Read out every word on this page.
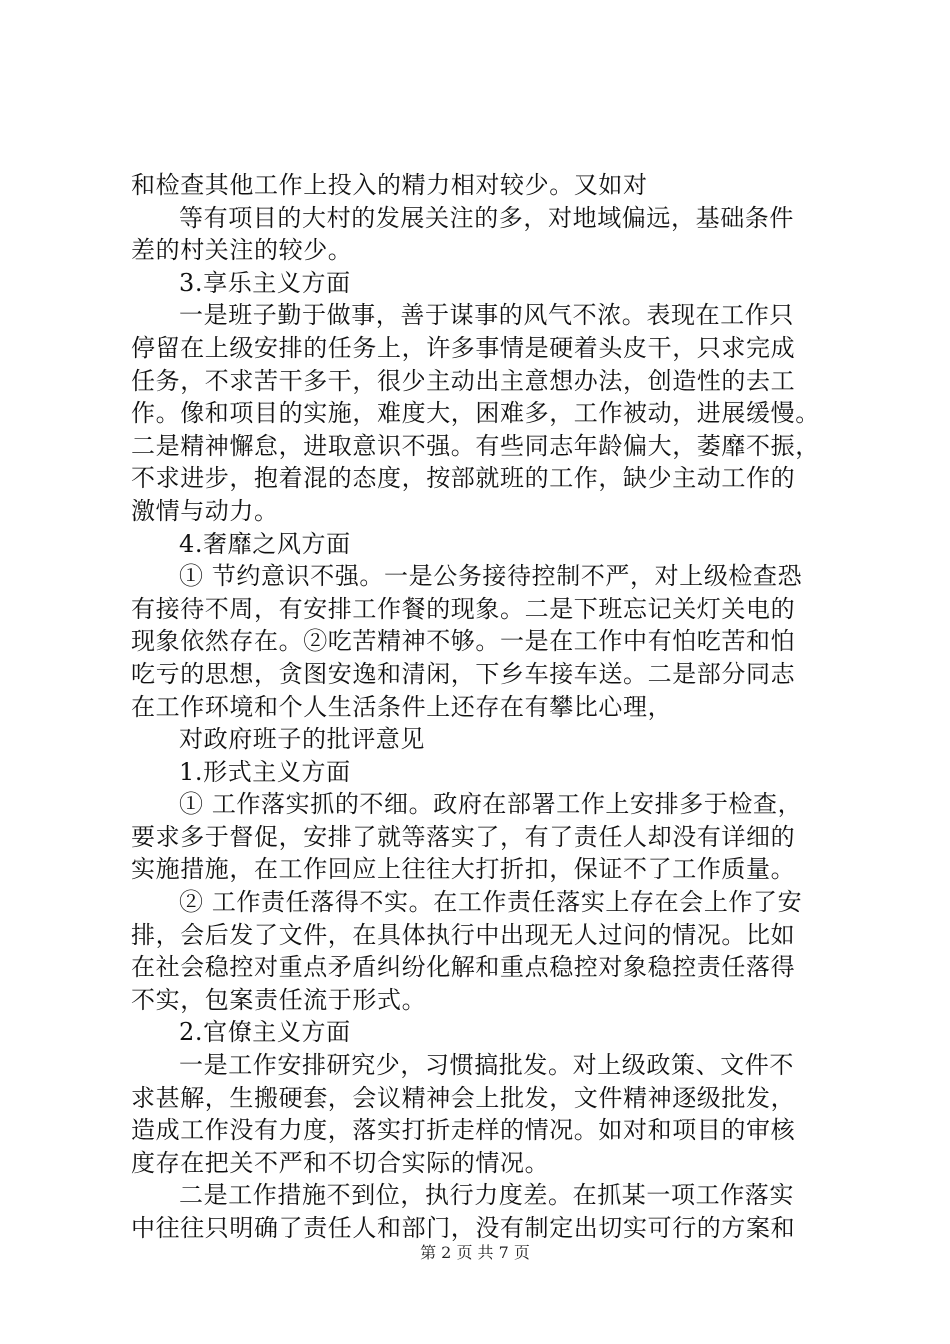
和检查其他工作上投入的精力相对较少。又如对
等有项目的大村的发展关注的多，对地域偏远，基础条件
差的村关注的较少。
3.享乐主义方面
一是班子勤于做事，善于谋事的风气不浓。表现在工作只
停留在上级安排的任务上，许多事情是硬着头皮干，只求完成
任务，不求苦干多干，很少主动出主意想办法，创造性的去工
作。像和项目的实施，难度大，困难多，工作被动，进展缓慢。
二是精神懈怠，进取意识不强。有些同志年龄偏大，萎靡不振，
不求进步，抱着混的态度，按部就班的工作，缺少主动工作的
激情与动力。
4.奢靡之风方面
① 节约意识不强。一是公务接待控制不严，对上级检查恐
有接待不周，有安排工作餐的现象。二是下班忘记关灯关电的
现象依然存在。②吃苦精神不够。一是在工作中有怕吃苦和怕
吃亏的思想，贪图安逸和清闲，下乡车接车送。二是部分同志
在工作环境和个人生活条件上还存在有攀比心理，
对政府班子的批评意见
1.形式主义方面
① 工作落实抓的不细。政府在部署工作上安排多于检查，
要求多于督促，安排了就等落实了，有了责任人却没有详细的
实施措施，在工作回应上往往大打折扣，保证不了工作质量。
② 工作责任落得不实。在工作责任落实上存在会上作了安
排，会后发了文件，在具体执行中出现无人过问的情况。比如
在社会稳控对重点矛盾纠纷化解和重点稳控对象稳控责任落得
不实，包案责任流于形式。
2.官僚主义方面
一是工作安排研究少，习惯搞批发。对上级政策、文件不
求甚解，生搬硬套，会议精神会上批发，文件精神逐级批发，
造成工作没有力度，落实打折走样的情况。如对和项目的审核
度存在把关不严和不切合实际的情况。
二是工作措施不到位，执行力度差。在抓某一项工作落实
中往往只明确了责任人和部门，没有制定出切实可行的方案和
第 2 页 共 7 页
